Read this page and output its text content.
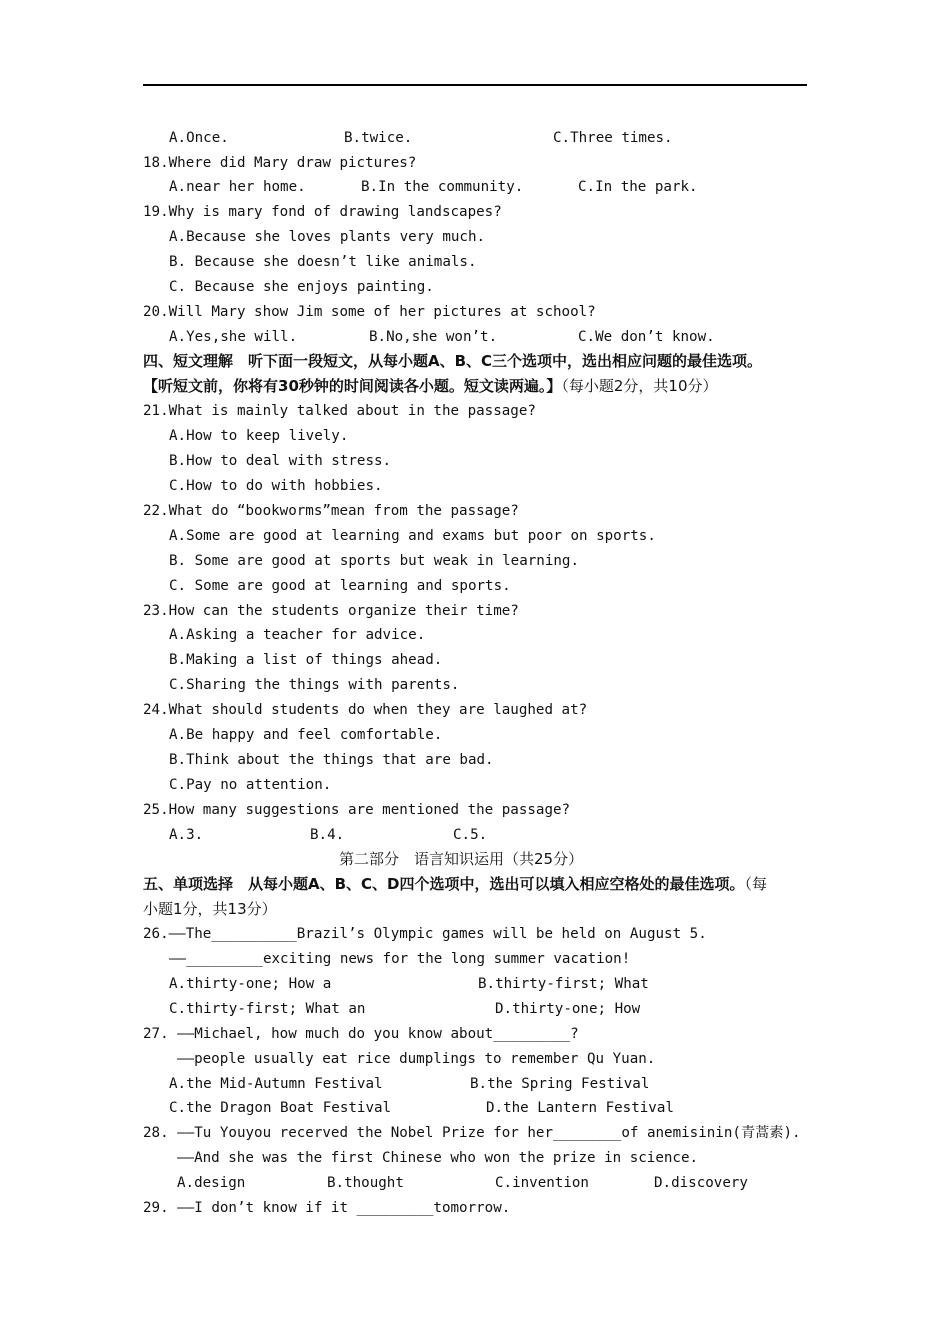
A.Once.	B.twice.	C.Three times.
18.Where did Mary draw pictures?
A.near her home.	B.In the community.	C.In the park.
19.Why is mary fond of drawing landscapes?
A.Because she loves plants very much.
B. Because she doesn’t like animals.
C. Because she enjoys painting.
20.Will Mary show Jim some of her pictures at school?
A.Yes,she will.	B.No,she won’t.	C.We don’t know.
四、短文理解　听下面一段短文，从每小题A、B、C三个选项中，选出相应问题的最佳选项。
【听短文前，你将有30秒钟的时间阅读各小题。短文读两遍。】（每小题2分，共10分）
21.What is mainly talked about in the passage?
A.How to keep lively.
B.How to deal with stress.
C.How to do with hobbies.
22.What do “bookworms”mean from the passage?
A.Some are good at learning and exams but poor on sports.
B. Some are good at sports but weak in learning.
C. Some are good at learning and sports.
23.How can the students organize their time?
A.Asking a teacher for advice.
B.Making a list of things ahead.
C.Sharing the things with parents.
24.What should students do when they are laughed at?
A.Be happy and feel comfortable.
B.Think about the things that are bad.
C.Pay no attention.
25.How many suggestions are mentioned the passage?
A.3.	B.4.	C.5.
第二部分　语言知识运用（共25分）
五、单项选择　从每小题A、B、C、D四个选项中，选出可以填入相应空格处的最佳选项。（每
小题1分，共13分）
26.——The__________Brazil’s Olympic games will be held on August 5.
——_________exciting news for the long summer vacation!
A.thirty-one; How a	B.thirty-first; What
C.thirty-first; What an	D.thirty-one; How
27. ——Michael, how much do you know about_________?
——people usually eat rice dumplings to remember Qu Yuan.
A.the Mid-Autumn Festival	B.the Spring Festival
C.the Dragon Boat Festival	D.the Lantern Festival
28. ——Tu Youyou recerved the Nobel Prize for her________of anemisinin(青蒿素).
——And she was the first Chinese who won the prize in science.
A.design	B.thought	C.invention	D.discovery
29. ——I don’t know if it _________tomorrow.
